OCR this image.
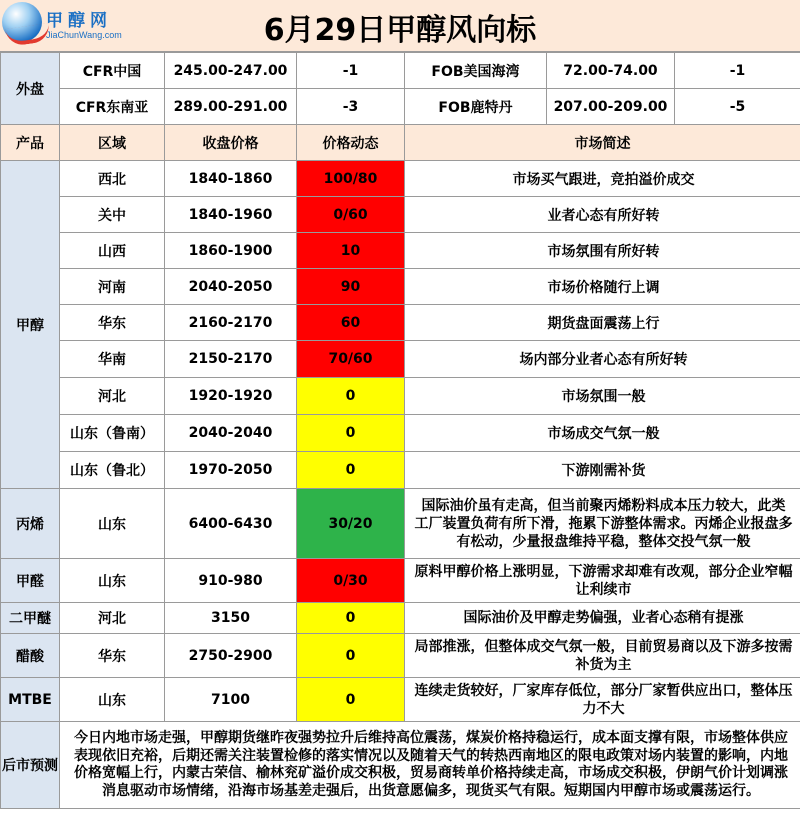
甲醇网
JiaChunWang.com	6月29日甲醇风向标
外盘	CFR中国	245.00-247.00	-1	FOB美国海湾	72.00-74.00	-1
	CFR东南亚	289.00-291.00	-3	FOB鹿特丹	207.00-209.00	-5
产品	区域	收盘价格	价格动态	市场简述		
甲醇	西北	1840-1860	100/80	市场买气跟进，竞拍溢价成交		
	关中	1840-1960	0/60	业者心态有所好转		
	山西	1860-1900	10	市场氛围有所好转		
	河南	2040-2050	90	市场价格随行上调		
	华东	2160-2170	60	期货盘面震荡上行		
	华南	2150-2170	70/60	场内部分业者心态有所好转		
	河北	1920-1920	0	市场氛围一般		
	山东（鲁南）	2040-2040	0	市场成交气氛一般		
	山东（鲁北）	1970-2050	0	下游刚需补货		
丙烯	山东	6400-6430	30/20	国际油价虽有走高，但当前聚丙烯粉料成本压力较大，此类
工厂装置负荷有所下滑，拖累下游整体需求。丙烯企业报盘多
有松动，少量报盘维持平稳，整体交投气氛一般		

甲醛	山东	910-980	0/30	原料甲醇价格上涨明显，下游需求却难有改观，部分企业窄幅
让利续市		

二甲醚	河北	3150	0	国际油价及甲醇走势偏强，业者心态稍有提涨		

醋酸	华东	2750-2900	0	局部推涨，但整体成交气氛一般，目前贸易商以及下游多按需
补货为主		

MTBE	山东	7100	0	连续走货较好，厂家库存低位，部分厂家暂供应出口，整体压
力不大		

后市预测	今日内地市场走强，甲醇期货继昨夜强势拉升后维持高位震荡，煤炭价格持稳运行，成本面支撑有限，市场整体供应
表现依旧充裕，后期还需关注装置检修的落实情况以及随着天气的转热西南地区的限电政策对场内装置的影响，内地
价格宽幅上行，内蒙古荣信、榆林兖矿溢价成交积极，贸易商转单价格持续走高，市场成交积极，伊朗气价计划调涨
消息驱动市场情绪，沿海市场基差走强后，出货意愿偏多，现货买气有限。短期国内甲醇市场或震荡运行。					
